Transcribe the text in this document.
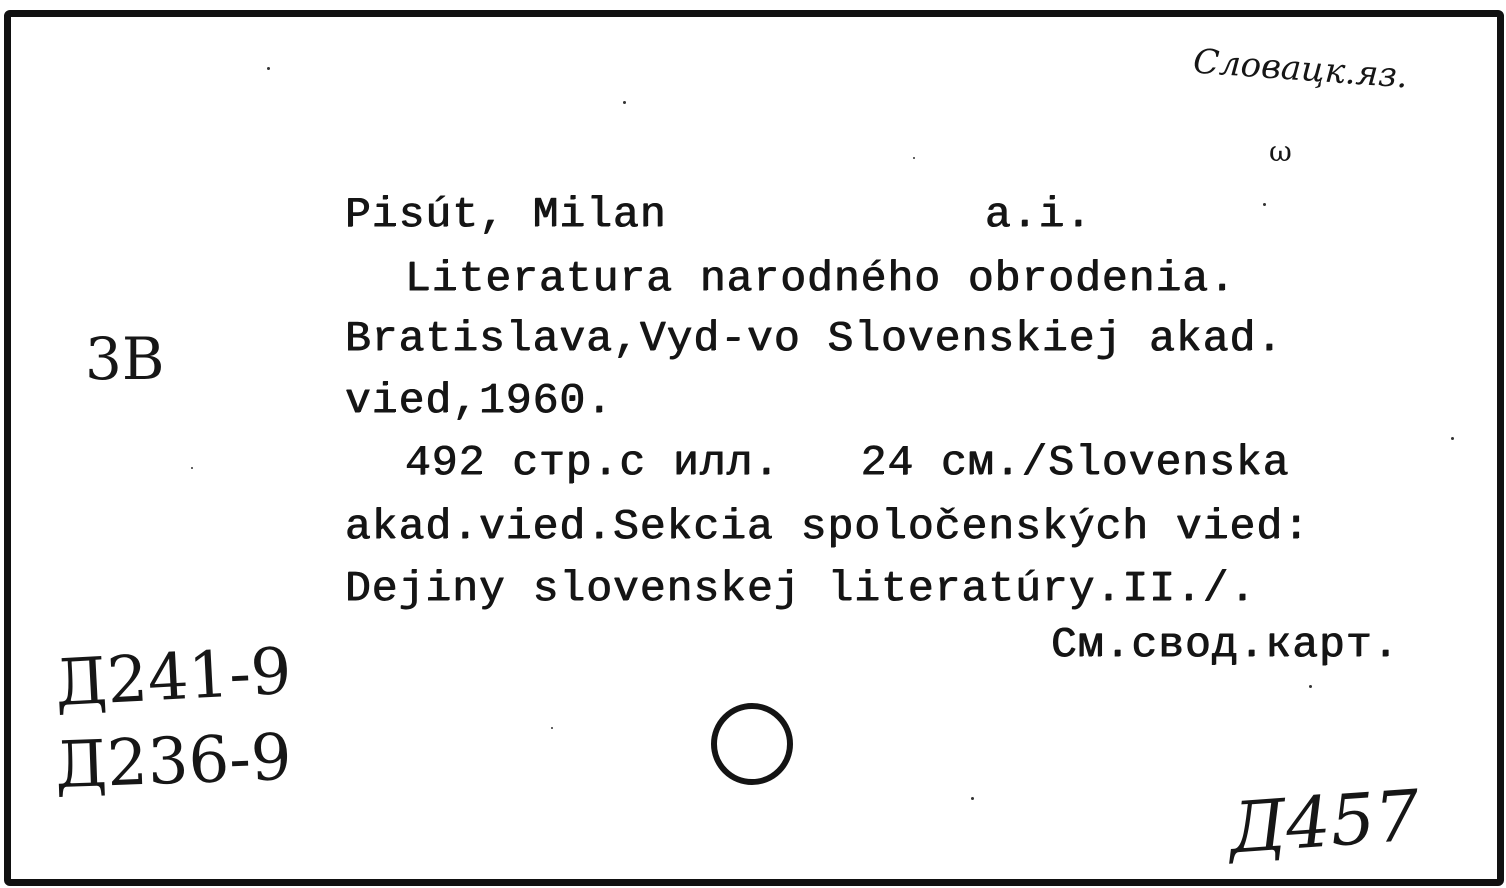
Словацк.яз.
ω
3В
Pisút, Milan	a.i.
Literatura narodného obrodenia.
Bratislava,Vyd-vo Slovenskiej akad.
vied,1960.
492 стр.с илл.   24 см./Slovenska
akad.vied.Sekcia spoločenských vied:
Dejiny slovenskej literatúry.II./.
См.свод.карт.
Д241-9
Д236-9
Д457
